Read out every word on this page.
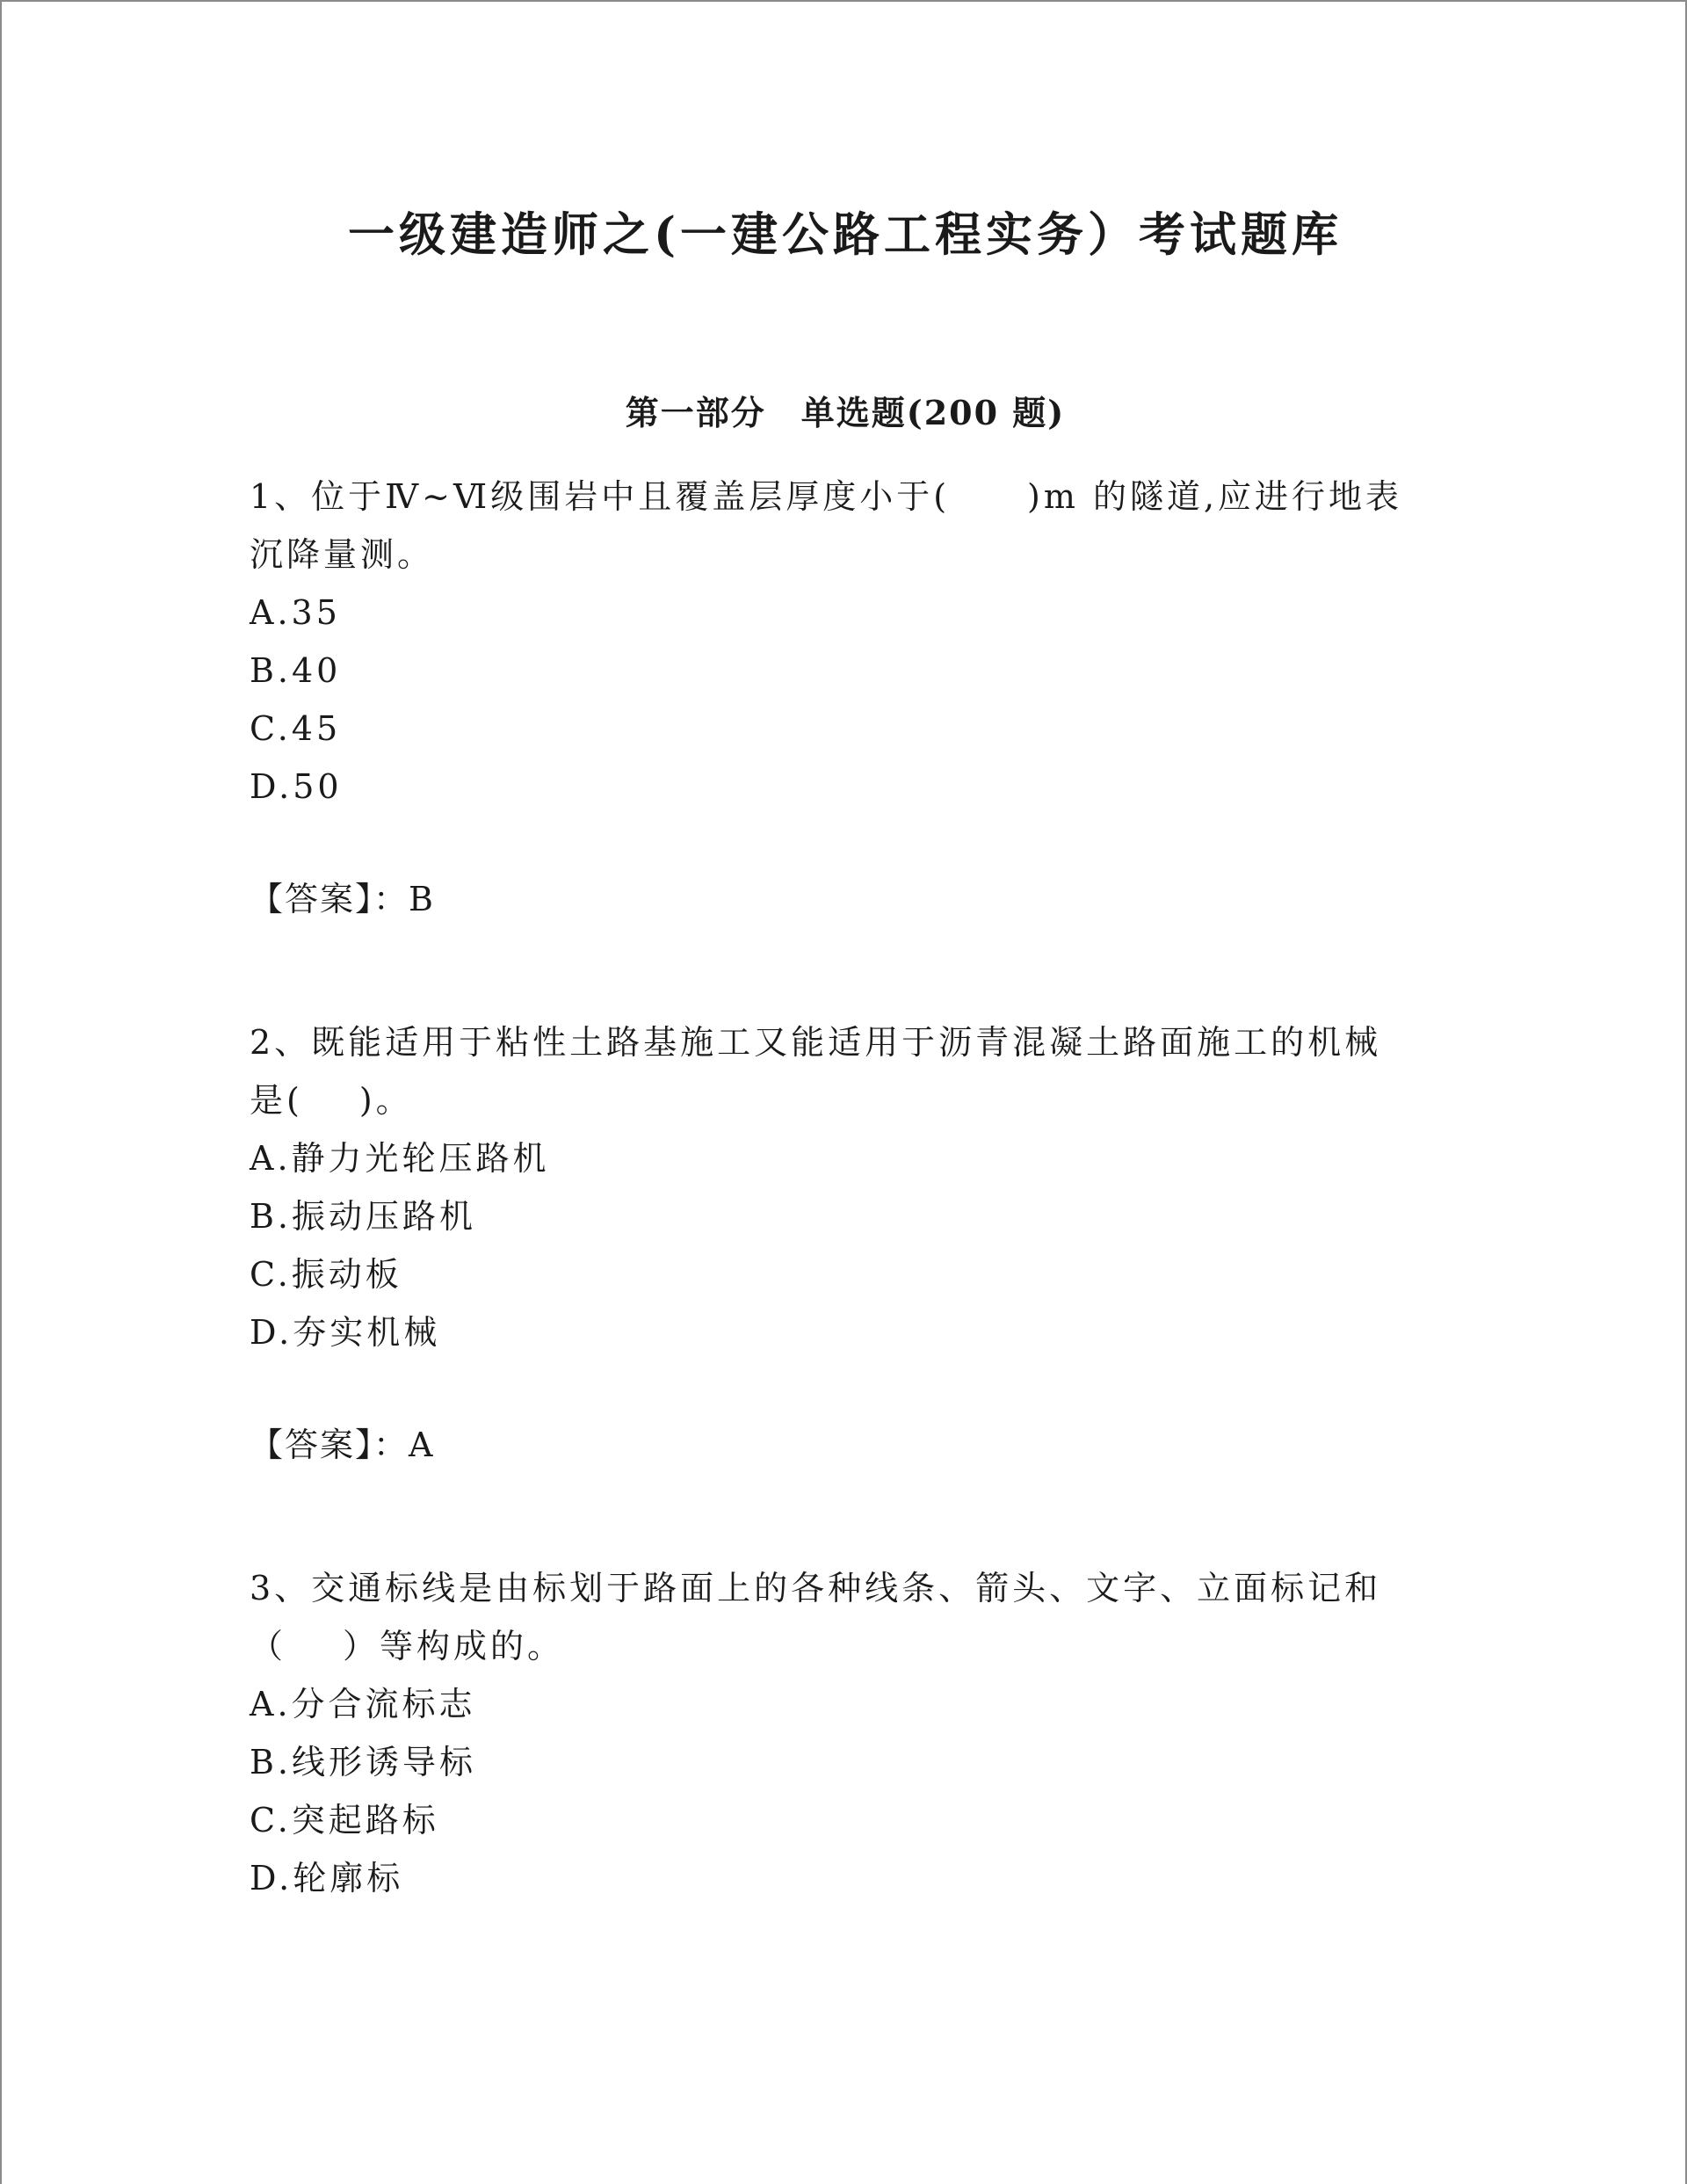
一级建造师之(一建公路工程实务）考试题库
第一部分 单选题(200 题)

1、位于Ⅳ~Ⅵ级围岩中且覆盖层厚度小于( )m 的隧道,应进行地表

沉降量测。

A.35

B.40

C.45

D.50

【答案】：B

2、既能适用于粘性土路基施工又能适用于沥青混凝土路面施工的机械

是( )。

A.静力光轮压路机

B.振动压路机

C.振动板

D.夯实机械

【答案】：A

3、交通标线是由标划于路面上的各种线条、箭头、文字、立面标记和

（ ）等构成的。

A.分合流标志

B.线形诱导标

C.突起路标

D.轮廓标
